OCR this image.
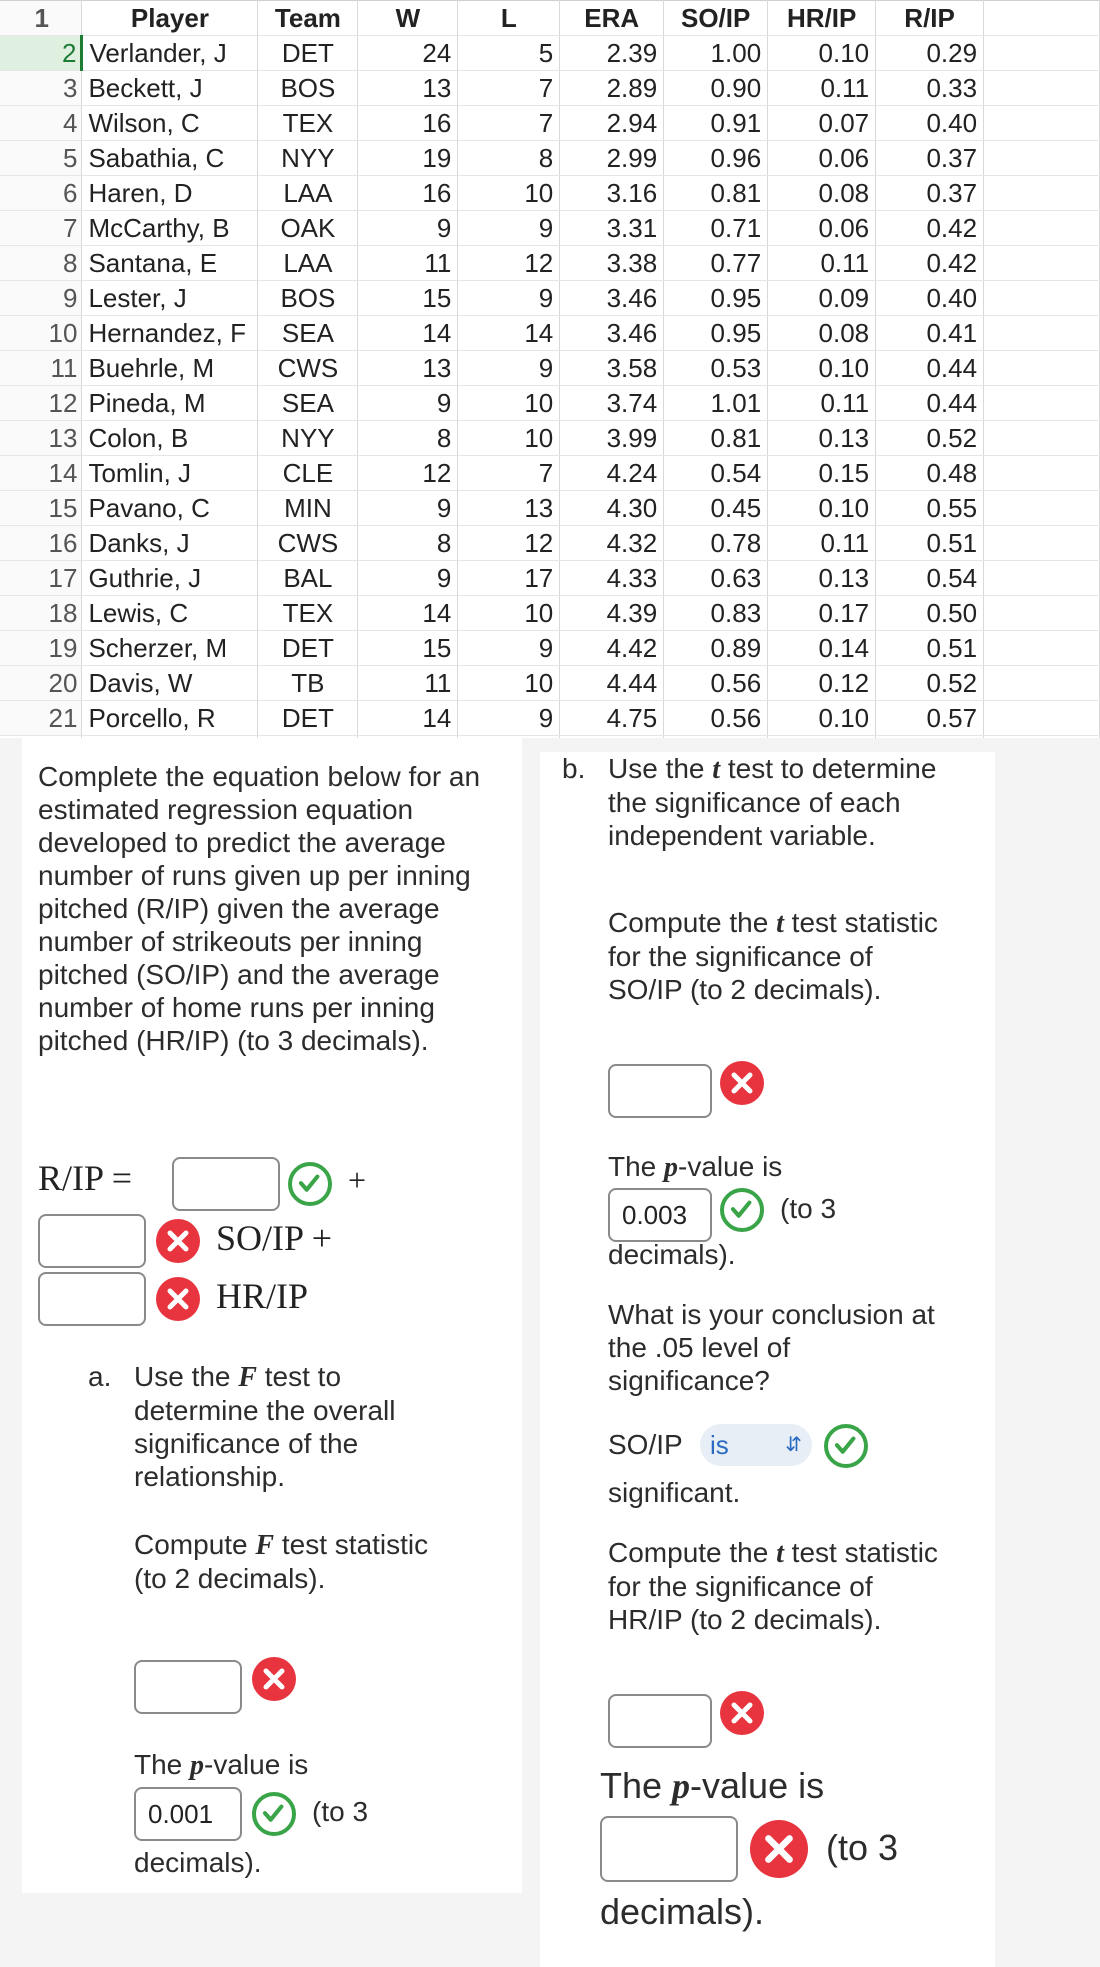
1	Player	Team	W	L	ERA	SO/IP	HR/IP	R/IP	
2	Verlander, J	DET	24	5	2.39	1.00	0.10	0.29	
3	Beckett, J	BOS	13	7	2.89	0.90	0.11	0.33	
4	Wilson, C	TEX	16	7	2.94	0.91	0.07	0.40	
5	Sabathia, C	NYY	19	8	2.99	0.96	0.06	0.37	
6	Haren, D	LAA	16	10	3.16	0.81	0.08	0.37	
7	McCarthy, B	OAK	9	9	3.31	0.71	0.06	0.42	
8	Santana, E	LAA	11	12	3.38	0.77	0.11	0.42	
9	Lester, J	BOS	15	9	3.46	0.95	0.09	0.40	
10	Hernandez, F	SEA	14	14	3.46	0.95	0.08	0.41	
11	Buehrle, M	CWS	13	9	3.58	0.53	0.10	0.44	
12	Pineda, M	SEA	9	10	3.74	1.01	0.11	0.44	
13	Colon, B	NYY	8	10	3.99	0.81	0.13	0.52	
14	Tomlin, J	CLE	12	7	4.24	0.54	0.15	0.48	
15	Pavano, C	MIN	9	13	4.30	0.45	0.10	0.55	
16	Danks, J	CWS	8	12	4.32	0.78	0.11	0.51	
17	Guthrie, J	BAL	9	17	4.33	0.63	0.13	0.54	
18	Lewis, C	TEX	14	10	4.39	0.83	0.17	0.50	
19	Scherzer, M	DET	15	9	4.42	0.89	0.14	0.51	
20	Davis, W	TB	11	10	4.44	0.56	0.12	0.52	
21	Porcello, R	DET	14	9	4.75	0.56	0.10	0.57	

Complete the equation below for an estimated regression equation developed to predict the average number of runs given up per inning pitched (R/IP) given the average number of strikeouts per inning pitched (SO/IP) and the average number of home runs per inning pitched (HR/IP) (to 3 decimals).

R/IP =	+
SO/IP +
HR/IP
a. Use the F test to determine the overall significance of the relationship.

Compute F test statistic (to 2 decimals).

The p-value is

0.001
(to 3
decimals).
b. Use the t test to determine the significance of each independent variable.

Compute the t test statistic for the significance of SO/IP (to 2 decimals).

The p-value is

0.003
(to 3
decimals).

What is your conclusion at the .05 level of significance?

SO/IP	is	⇵
significant.

Compute the t test statistic for the significance of HR/IP (to 2 decimals).

The p-value is

(to 3
decimals).
